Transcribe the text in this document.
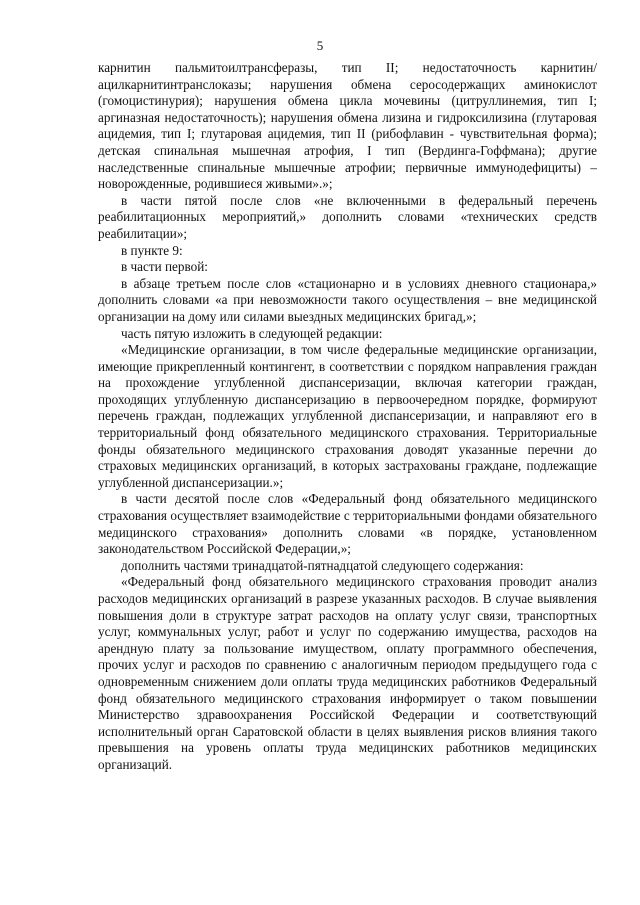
5

карнитин пальмитоилтрансферазы, тип II; недостаточность карнитин/ацилкарнитинтранслоказы; нарушения обмена серосодержащих аминокислот (гомоцистинурия); нарушения обмена цикла мочевины (цитруллинемия, тип I; аргиназная недостаточность); нарушения обмена лизина и гидроксилизина (глутаровая ацидемия, тип I; глутаровая ацидемия, тип II (рибофлавин - чувствительная форма); детская спинальная мышечная атрофия, I тип (Вердинга-Гоффмана); другие наследственные спинальные мышечные атрофии; первичные иммунодефициты) – новорожденные, родившиеся живыми».»;

в части пятой после слов «не включенными в федеральный перечень реабилитационных мероприятий,» дополнить словами «технических средств реабилитации»;

в пункте 9:

в части первой:

в абзаце третьем после слов «стационарно и в условиях дневного стационара,» дополнить словами «а при невозможности такого осуществления – вне медицинской организации на дому или силами выездных медицинских бригад,»;

часть пятую изложить в следующей редакции:

«Медицинские организации, в том числе федеральные медицинские организации, имеющие прикрепленный контингент, в соответствии с порядком направления граждан на прохождение углубленной диспансеризации, включая категории граждан, проходящих углубленную диспансеризацию в первоочередном порядке, формируют перечень граждан, подлежащих углубленной диспансеризации, и направляют его в территориальный фонд обязательного медицинского страхования. Территориальные фонды обязательного медицинского страхования доводят указанные перечни до страховых медицинских организаций, в которых застрахованы граждане, подлежащие углубленной диспансеризации.»;

в части десятой после слов «Федеральный фонд обязательного медицинского страхования осуществляет взаимодействие с территориальными фондами обязательного медицинского страхования» дополнить словами «в порядке, установленном законодательством Российской Федерации,»;

дополнить частями тринадцатой-пятнадцатой следующего содержания:

«Федеральный фонд обязательного медицинского страхования проводит анализ расходов медицинских организаций в разрезе указанных расходов. В случае выявления повышения доли в структуре затрат расходов на оплату услуг связи, транспортных услуг, коммунальных услуг, работ и услуг по содержанию имущества, расходов на арендную плату за пользование имуществом, оплату программного обеспечения, прочих услуг и расходов по сравнению с аналогичным периодом предыдущего года с одновременным снижением доли оплаты труда медицинских работников Федеральный фонд обязательного медицинского страхования информирует о таком повышении Министерство здравоохранения Российской Федерации и соответствующий исполнительный орган Саратовской области в целях выявления рисков влияния такого превышения на уровень оплаты труда медицинских работников медицинских организаций.
